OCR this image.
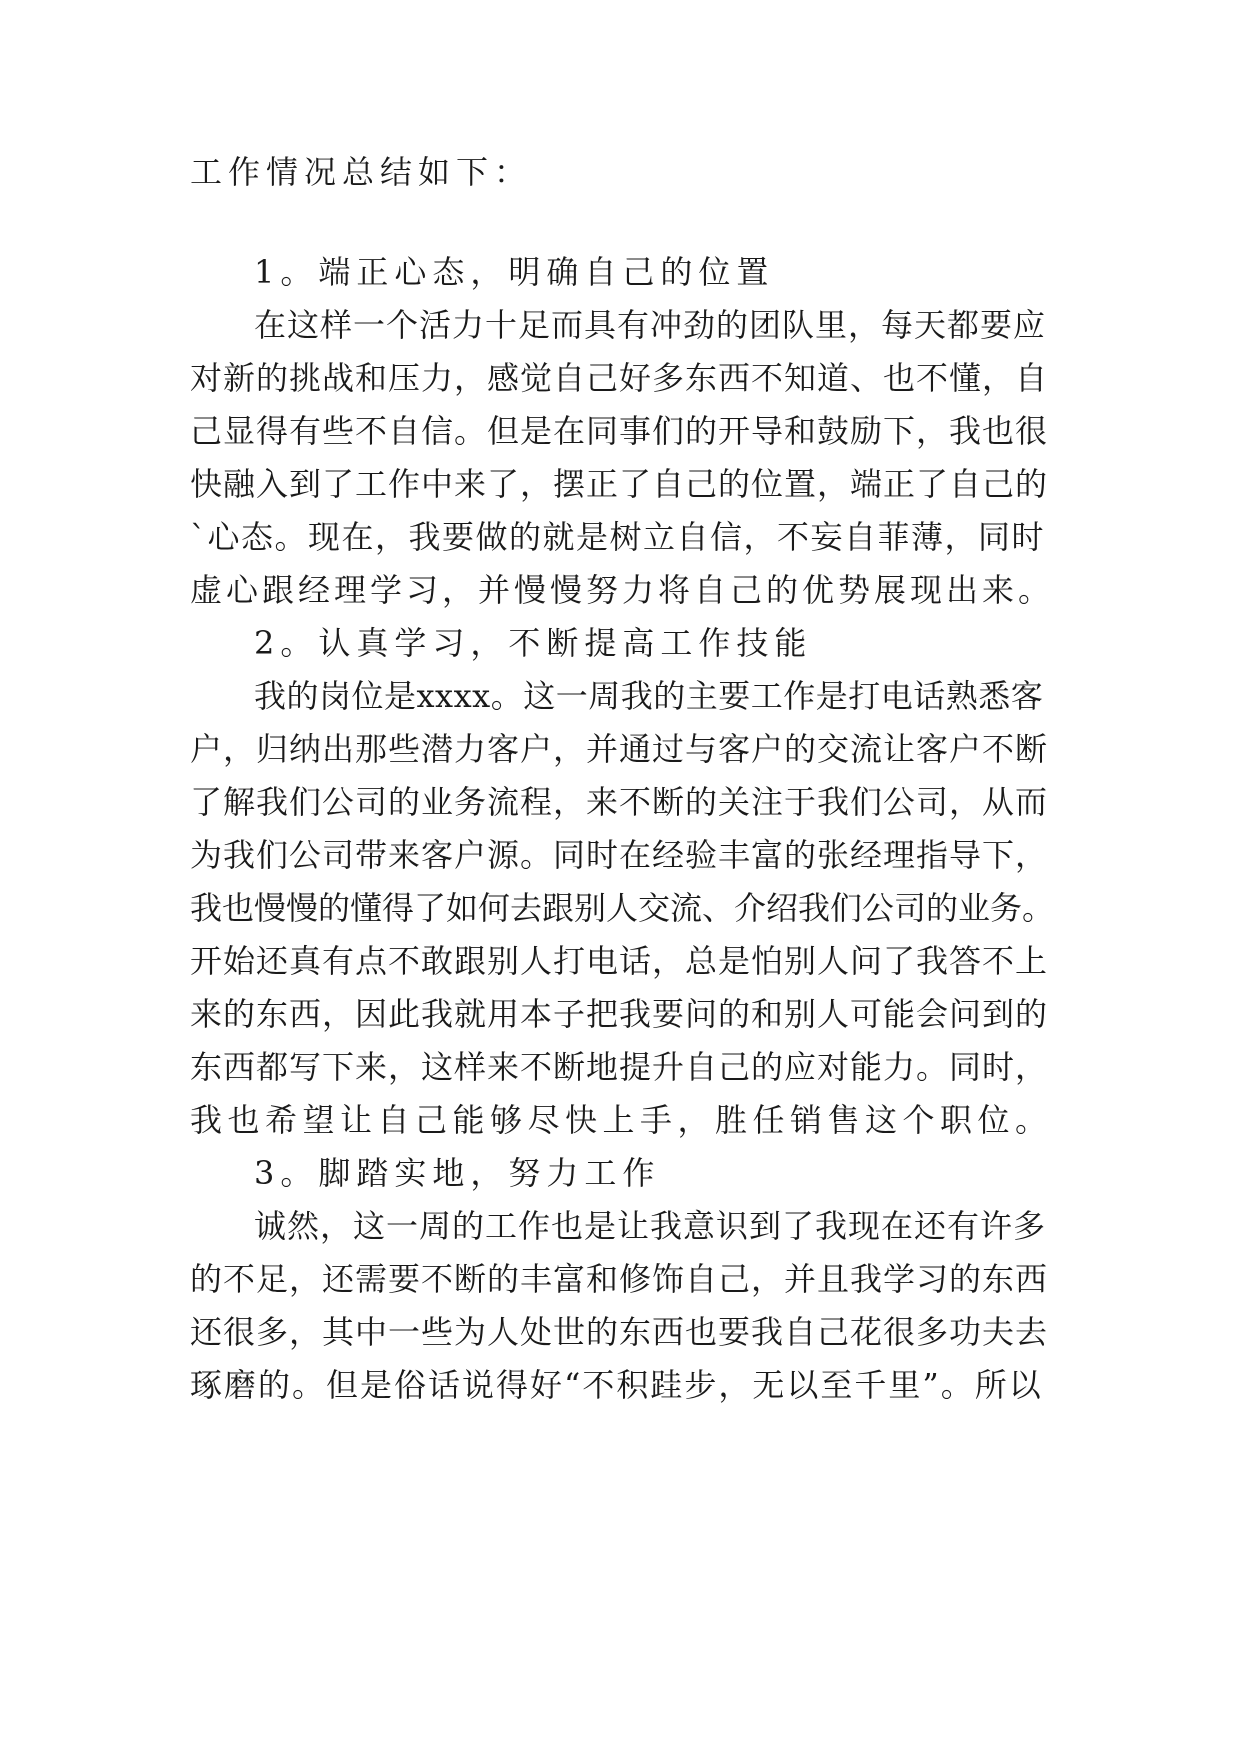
工作情况总结如下：

1。端正心态，明确自己的位置

在这样一个活力十足而具有冲劲的团队里，每天都要应

对新的挑战和压力，感觉自己好多东西不知道、也不懂，自

己显得有些不自信。但是在同事们的开导和鼓励下，我也很

快融入到了工作中来了，摆正了自己的位置，端正了自己的

`心态。现在，我要做的就是树立自信，不妄自菲薄，同时

虚心跟经理学习，并慢慢努力将自己的优势展现出来。

2。认真学习，不断提高工作技能

我的岗位是xxxx。这一周我的主要工作是打电话熟悉客

户，归纳出那些潜力客户，并通过与客户的交流让客户不断

了解我们公司的业务流程，来不断的关注于我们公司，从而

为我们公司带来客户源。同时在经验丰富的张经理指导下，

我也慢慢的懂得了如何去跟别人交流、介绍我们公司的业务。

开始还真有点不敢跟别人打电话，总是怕别人问了我答不上

来的东西，因此我就用本子把我要问的和别人可能会问到的

东西都写下来，这样来不断地提升自己的应对能力。同时，

我也希望让自己能够尽快上手，胜任销售这个职位。

3。脚踏实地，努力工作

诚然，这一周的工作也是让我意识到了我现在还有许多

的不足，还需要不断的丰富和修饰自己，并且我学习的东西

还很多，其中一些为人处世的东西也要我自己花很多功夫去

琢磨的。但是俗话说得好“不积跬步，无以至千里”。所以
